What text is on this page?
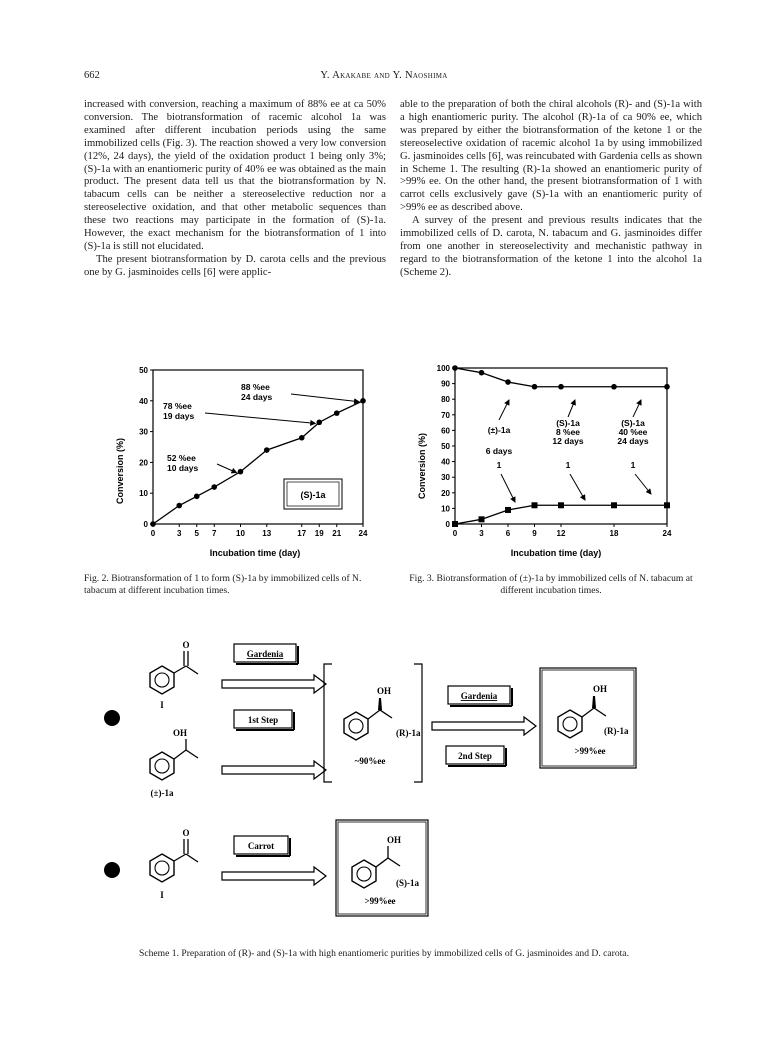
662	Y. Akakabe and Y. Naoshima

increased with conversion, reaching a maximum of 88% ee at ca 50% conversion. The biotransformation of racemic alcohol 1a was examined after different incubation periods using the same immobilized cells (Fig. 3). The reaction showed a very low conversion (12%, 24 days), the yield of the oxidation product 1 being only 3%; (S)-1a with an enantiomeric purity of 40% ee was obtained as the main product. The present data tell us that the biotransformation by N. tabacum cells can be neither a stereoselective reduction nor a stereoselective oxidation, and that other metabolic sequences than these two reactions may participate in the formation of (S)-1a. However, the exact mechanism for the biotransformation of 1 into (S)-1a is still not elucidated.

The present biotransformation by D. carota cells and the previous one by G. jasminoides cells [6] were applic-

able to the preparation of both the chiral alcohols (R)- and (S)-1a with a high enantiomeric purity. The alcohol (R)-1a of ca 90% ee, which was prepared by either the biotransformation of the ketone 1 or the stereoselective oxidation of racemic alcohol 1a by using immobilized G. jasminoides cells [6], was reincubated with Gardenia cells as shown in Scheme 1. The resulting (R)-1a showed an enantiomeric purity of >99% ee. On the other hand, the present biotransformation of 1 with carrot cells exclusively gave (S)-1a with an enantiomeric purity of >99% ee as described above.

A survey of the present and previous results indicates that the immobilized cells of D. carota, N. tabacum and G. jasminoides differ from one another in stereoselectivity and mechanistic pathway in regard to the biotransformation of the ketone 1 into the alcohol 1a (Scheme 2).

0
10
20
30
40
50
0	3 5 7 10 13	17 19 21 24
Conversion (%)
Incubation time (day)
88 %ee
24 days
78 %ee
19 days
52 %ee
10 days
(S)-1a
0
10
20
30
40
50
60
70
80
90
100
0	3	6	9 12	18	24
Conversion (%)
Incubation time (day)
(±)-1a
6 days
1
(S)-1a
8 %ee
12 days
1
(S)-1a
40 %ee
24 days
1
Fig. 2. Biotransformation of 1 to form (S)-1a by immobilized cells of N. tabacum at different incubation times.
Fig. 3. Biotransformation of (±)-1a by immobilized cells of N. tabacum at different incubation times.
O
I
OH
(±)-1a
Gardenia
1st Step
OH
(R)-1a
~90%ee
Gardenia
2nd Step
OH
(R)-1a
>99%ee
O
I
Carrot
OH
(S)-1a
>99%ee
Scheme 1. Preparation of (R)- and (S)-1a with high enantiomeric purities by immobilized cells of G. jasminoides and D. carota.
